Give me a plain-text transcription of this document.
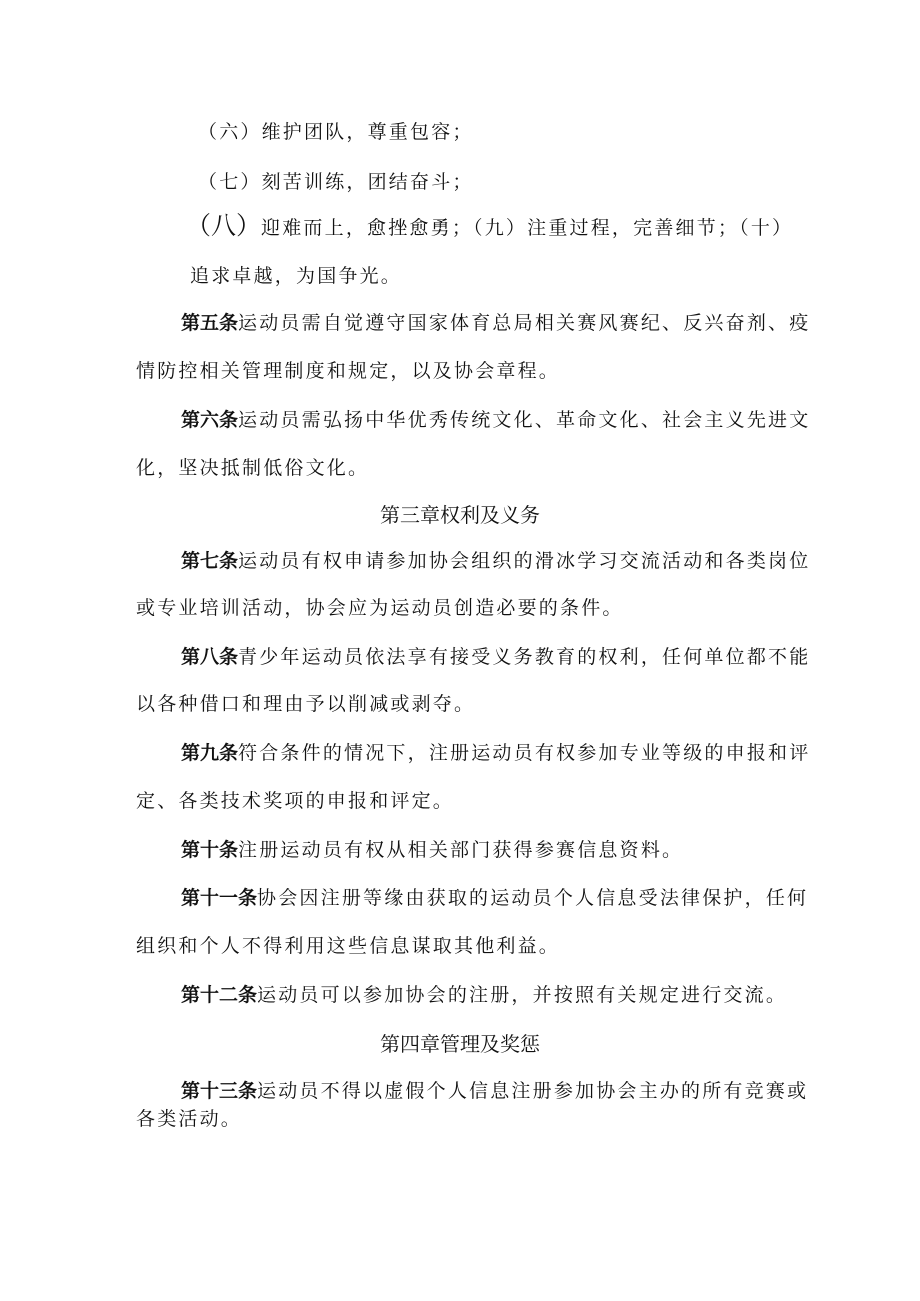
（六）维护团队，尊重包容；
（七）刻苦训练，团结奋斗；
（八）迎难而上，愈挫愈勇；（九）注重过程，完善细节；（十）
追求卓越，为国争光。
第五条运动员需自觉遵守国家体育总局相关赛风赛纪、反兴奋剂、疫
情防控相关管理制度和规定，以及协会章程。
第六条运动员需弘扬中华优秀传统文化、革命文化、社会主义先进文
化，坚决抵制低俗文化。
第三章权利及义务
第七条运动员有权申请参加协会组织的滑冰学习交流活动和各类岗位
或专业培训活动，协会应为运动员创造必要的条件。
第八条青少年运动员依法享有接受义务教育的权利，任何单位都不能
以各种借口和理由予以削减或剥夺。
第九条符合条件的情况下，注册运动员有权参加专业等级的申报和评
定、各类技术奖项的申报和评定。
第十条注册运动员有权从相关部门获得参赛信息资料。
第十一条协会因注册等缘由获取的运动员个人信息受法律保护，任何
组织和个人不得利用这些信息谋取其他利益。
第十二条运动员可以参加协会的注册，并按照有关规定进行交流。
第四章管理及奖惩
第十三条运动员不得以虚假个人信息注册参加协会主办的所有竞赛或
各类活动。
